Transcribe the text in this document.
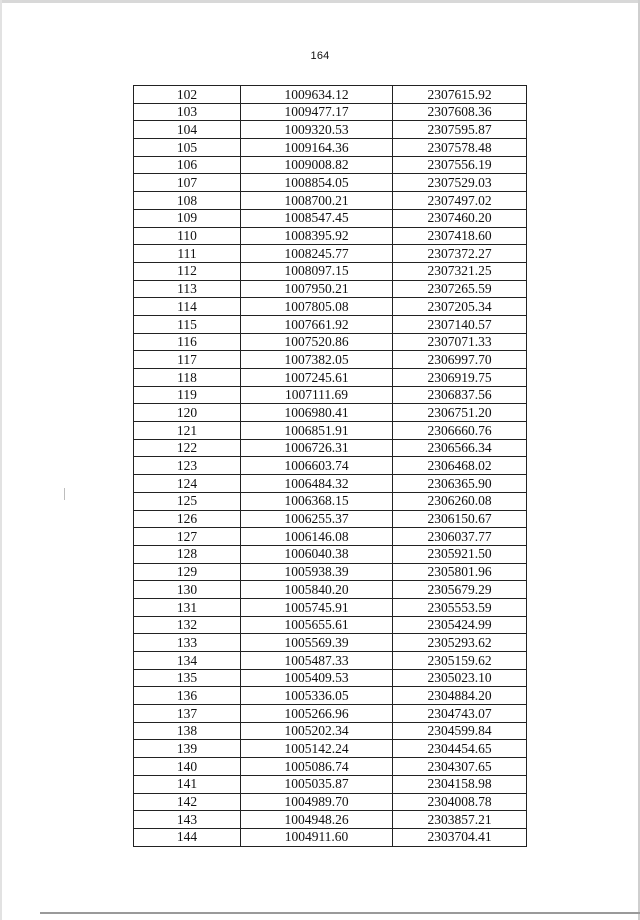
164
102	1009634.12	2307615.92
103	1009477.17	2307608.36
104	1009320.53	2307595.87
105	1009164.36	2307578.48
106	1009008.82	2307556.19
107	1008854.05	2307529.03
108	1008700.21	2307497.02
109	1008547.45	2307460.20
110	1008395.92	2307418.60
111	1008245.77	2307372.27
112	1008097.15	2307321.25
113	1007950.21	2307265.59
114	1007805.08	2307205.34
115	1007661.92	2307140.57
116	1007520.86	2307071.33
117	1007382.05	2306997.70
118	1007245.61	2306919.75
119	1007111.69	2306837.56
120	1006980.41	2306751.20
121	1006851.91	2306660.76
122	1006726.31	2306566.34
123	1006603.74	2306468.02
124	1006484.32	2306365.90
125	1006368.15	2306260.08
126	1006255.37	2306150.67
127	1006146.08	2306037.77
128	1006040.38	2305921.50
129	1005938.39	2305801.96
130	1005840.20	2305679.29
131	1005745.91	2305553.59
132	1005655.61	2305424.99
133	1005569.39	2305293.62
134	1005487.33	2305159.62
135	1005409.53	2305023.10
136	1005336.05	2304884.20
137	1005266.96	2304743.07
138	1005202.34	2304599.84
139	1005142.24	2304454.65
140	1005086.74	2304307.65
141	1005035.87	2304158.98
142	1004989.70	2304008.78
143	1004948.26	2303857.21
144	1004911.60	2303704.41
